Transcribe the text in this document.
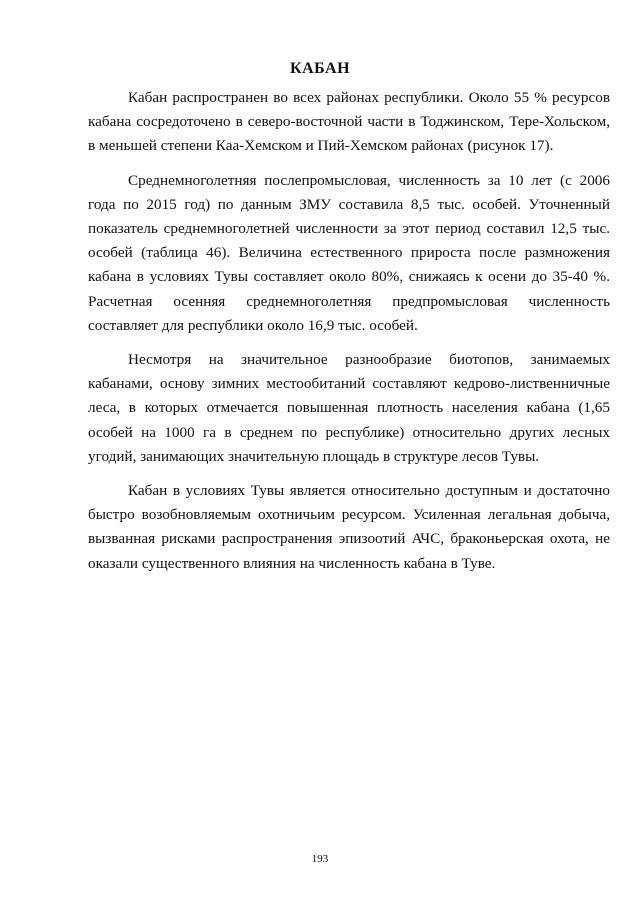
КАБАН

Кабан распространен во всех районах республики. Около 55 % ресурсов кабана сосредоточено в северо-восточной части в Тоджинском, Тере-Хольском, в меньшей степени Каа-Хемском и Пий-Хемском районах (рисунок 17).

Среднемноголетняя послепромысловая, численность за 10 лет (с 2006 года по 2015 год) по данным ЗМУ составила 8,5 тыс. особей. Уточненный показатель среднемноголетней численности за этот период составил 12,5 тыс. особей (таблица 46). Величина естественного прироста после размножения кабана в условиях Тувы составляет около 80%, снижаясь к осени до 35-40 %. Расчетная осенняя среднемноголетняя предпромысловая численность составляет для республики около 16,9 тыс. особей.

Несмотря на значительное разнообразие биотопов, занимаемых кабанами, основу зимних местообитаний составляют кедрово-лиственничные леса, в которых отмечается повышенная плотность населения кабана (1,65 особей на 1000 га в среднем по республике) относительно других лесных угодий, занимающих значительную площадь в структуре лесов Тувы.

Кабан в условиях Тувы является относительно доступным и достаточно быстро возобновляемым охотничьим ресурсом. Усиленная легальная добыча, вызванная рисками распространения эпизоотий АЧС, браконьерская охота, не оказали существенного влияния на численность кабана в Туве.

193
